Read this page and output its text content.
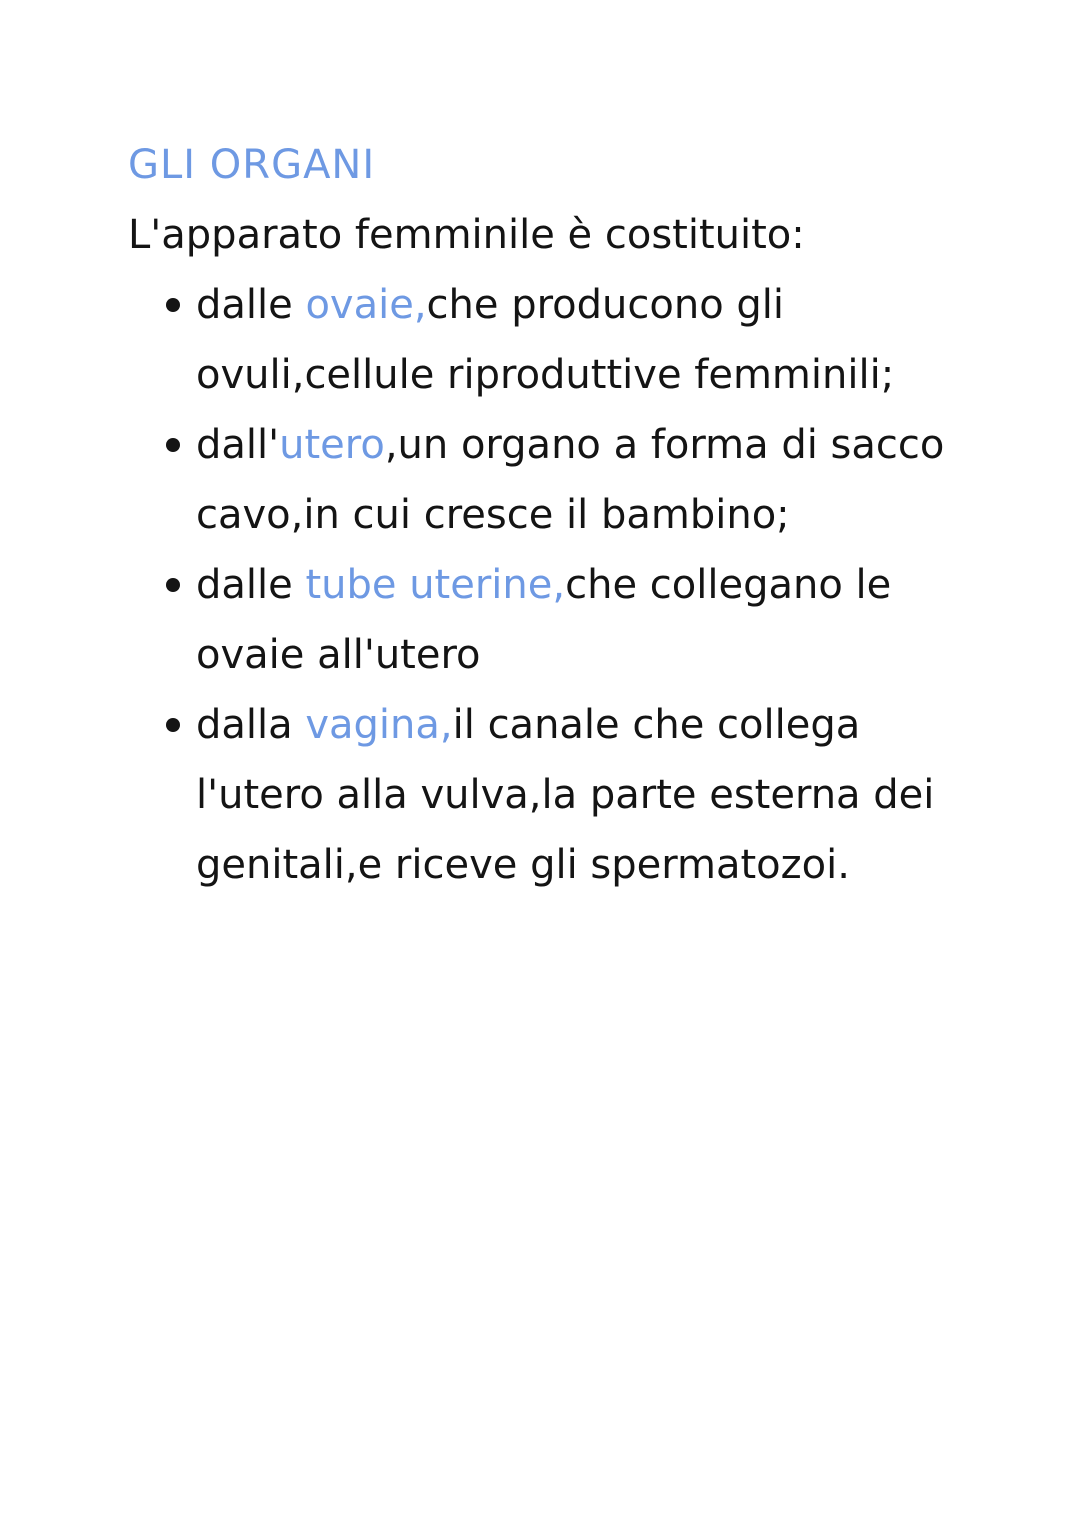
GLI ORGANI

L'apparato femminile è costituito:

dalle ovaie,che producono gli
ovuli,cellule riproduttive femminili;
dall'utero,un organo a forma di sacco
cavo,in cui cresce il bambino;
dalle tube uterine,che collegano le
ovaie all'utero
dalla vagina,il canale che collega
l'utero alla vulva,la parte esterna dei
genitali,e riceve gli spermatozoi.
